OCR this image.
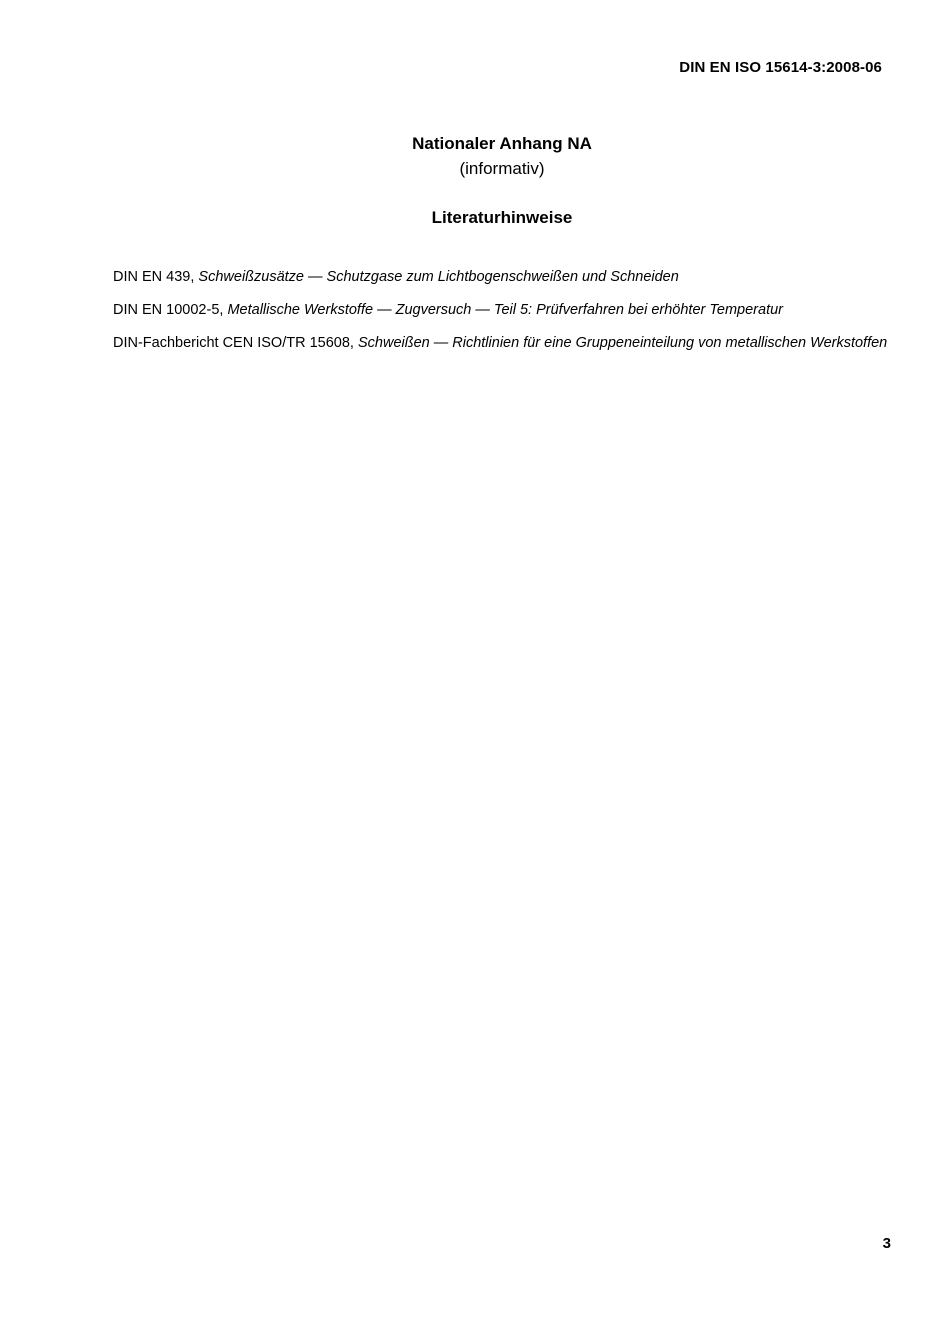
DIN EN ISO 15614-3:2008-06
Nationaler Anhang NA
(informativ)
Literaturhinweise

DIN EN 439, Schweißzusätze — Schutzgase zum Lichtbogenschweißen und Schneiden

DIN EN 10002-5, Metallische Werkstoffe — Zugversuch — Teil 5: Prüfverfahren bei erhöhter Temperatur

DIN-Fachbericht CEN ISO/TR 15608, Schweißen — Richtlinien für eine Gruppeneinteilung von metallischen Werkstoffen

3
